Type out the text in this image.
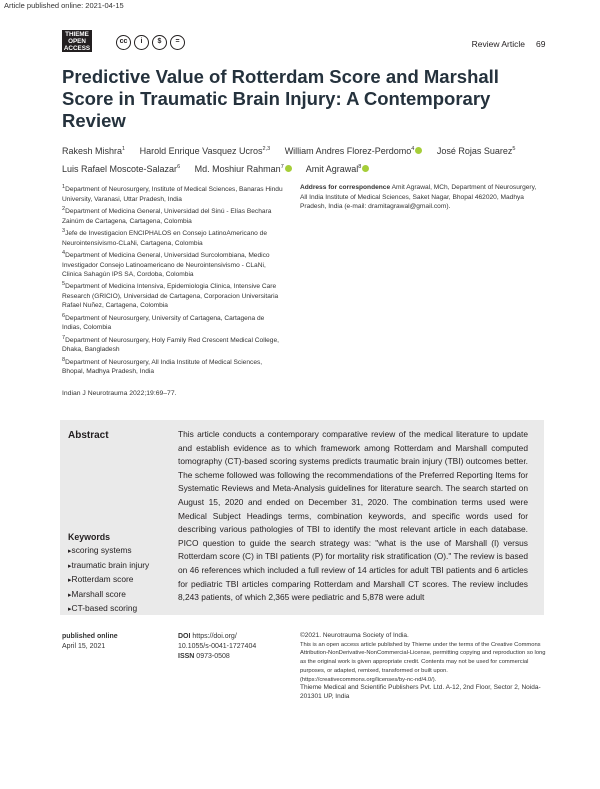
Article published online: 2021-04-15
THIEME
OPEN
ACCESS
cc	i	$	=	Review Article 69
Predictive Value of Rotterdam Score and Marshall Score in Traumatic Brain Injury: A Contemporary Review
Rakesh Mishra$^1$ Harold Enrique Vasquez Ucros$^{2,3}$ William Andres Florez-Perdomo$^4$	José Rojas Suarez$^5$
Luis Rafael Moscote-Salazar$^6$ Md. Moshiur Rahman$^7$ Amit Agrawal$^8$
$^1$Department of Neurosurgery, Institute of Medical Sciences, Banaras Hindu University, Varanasi, Uttar Pradesh, India
$^2$Department of Medicina General, Universidad del Sinú - Elías Bechara Zainúm de Cartagena, Cartagena, Colombia
$^3$Jefe de Investigacion ENCIPHALOS en Consejo LatinoAmericano de Neurointensivismo-CLaNi, Cartagena, Colombia
$^4$Department of Medicina General, Universidad Surcolombiana, Medico Investigador Consejo Latinoamericano de Neurointensivismo - CLaNi, Clinica Sahagún IPS SA, Cordoba, Colombia
$^5$Department of Medicina Intensiva, Epidemiologia Clinica, Intensive Care Research (GRICIO), Universidad de Cartagena, Corporacion Universitaria Rafael Nuñez, Cartagena, Colombia
$^6$Department of Neurosurgery, University of Cartagena, Cartagena de Indias, Colombia
$^7$Department of Neurosurgery, Holy Family Red Crescent Medical College, Dhaka, Bangladesh
$^8$Department of Neurosurgery, All India Institute of Medical Sciences, Bhopal, Madhya Pradesh, India
Address for correspondence Amit Agrawal, MCh, Department of Neurosurgery, All India Institute of Medical Sciences, Saket Nagar, Bhopal 462020, Madhya Pradesh, India (e-mail: dramitagrawal@gmail.com).
Indian J Neurotrauma 2022;19:69–77.
Abstract	This article conducts a contemporary comparative review of the medical literature to update and establish evidence as to which framework among Rotterdam and Marshall computed tomography (CT)-based scoring systems predicts traumatic brain injury (TBI) outcomes better. The scheme followed was following the recommendations of the Preferred Reporting Items for Systematic Reviews and Meta-Analysis guidelines for literature search. The search started on August 15, 2020 and ended on December 31, 2020. The combination terms used were Medical Subject Headings terms, combination keywords, and specific words used for describing various pathologies of TBI to identify the most relevant article in each database. PICO question to guide the search strategy was: "what is the use of Marshall (I) versus Rotterdam score (C) in TBI patients (P) for mortality risk stratification (O)." The review is based on 46 references which included a full review of 14 articles for adult TBI patients and 6 articles for pediatric TBI articles comparing Rotterdam and Marshall CT scores. The review includes 8,243 patients, of which 2,365 were pediatric and 5,878 were adult
Keywords
▸ scoring systems
▸ traumatic brain injury
▸ Rotterdam score
▸ Marshall score
▸ CT-based scoring
published online
April 15, 2021
DOI https://doi.org/
10.1055/s-0041-1727404
ISSN 0973-0508
©2021. Neurotrauma Society of India.
This is an open access article published by Thieme under the terms of the Creative Commons Attribution-NonDerivative-NonCommercial-License, permitting copying and reproduction so long as the original work is given appropriate credit. Contents may not be used for commercial purposes, or adapted, remixed, transformed or built upon. (https://creativecommons.org/licenses/by-nc-nd/4.0/).
Thieme Medical and Scientific Publishers Pvt. Ltd. A-12, 2nd Floor, Sector 2, Noida-201301 UP, India
